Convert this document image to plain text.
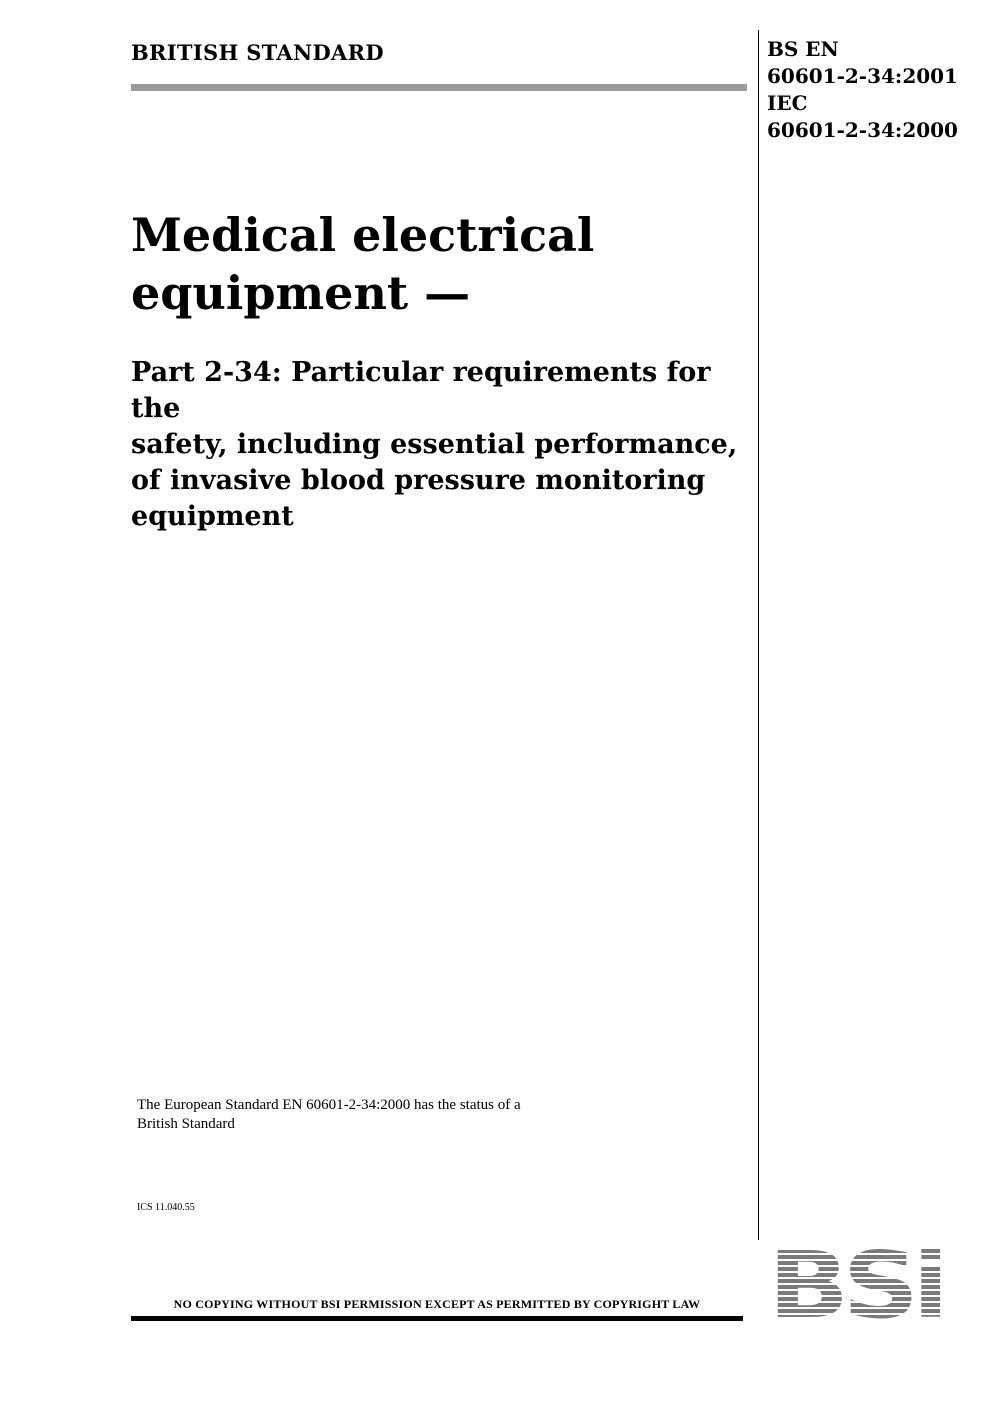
BRITISH STANDARD	BS EN
60601-2-34:2001
IEC
60601-2-34:2000
Medical electrical
equipment —
Part 2-34: Particular requirements for the
safety, including essential performance,
of invasive blood pressure monitoring
equipment
The European Standard EN 60601-2-34:2000 has the status of a
British Standard
ICS 11.040.55
NO COPYING WITHOUT BSI PERMISSION EXCEPT AS PERMITTED BY COPYRIGHT LAW BSi
